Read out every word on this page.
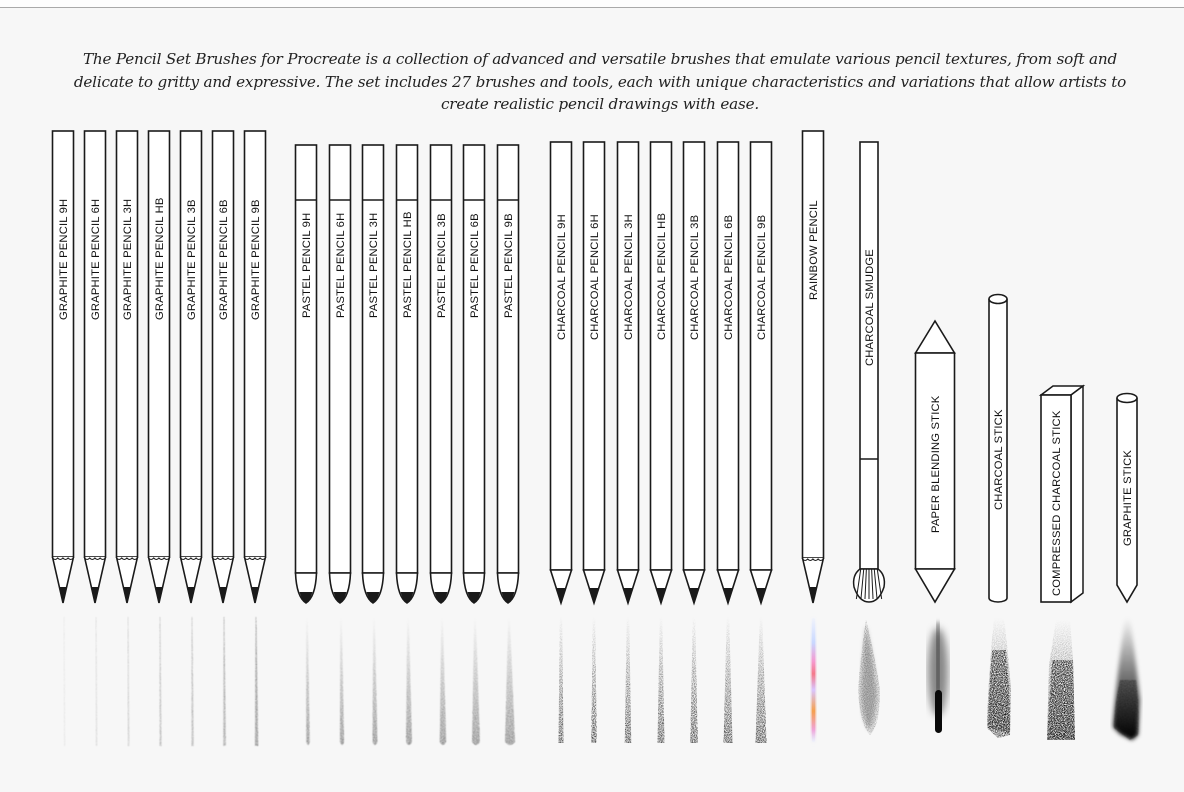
The Pencil Set Brushes for Procreate is a collection of advanced and versatile brushes that emulate various pencil textures, from soft and delicate to gritty and expressive. The set includes 27 brushes and tools, each with unique characteristics and variations that allow artists to create realistic pencil drawings with ease.

GRAPHITE PENCIL 9H GRAPHITE PENCIL 6H GRAPHITE PENCIL 3H GRAPHITE PENCIL HB GRAPHITE PENCIL 3B GRAPHITE PENCIL 6B GRAPHITE PENCIL 9B	PASTEL PENCIL 9H PASTEL PENCIL 6H PASTEL PENCIL 3H PASTEL PENCIL HB PASTEL PENCIL 3B PASTEL PENCIL 6B PASTEL PENCIL 9B	CHARCOAL PENCIL 9H CHARCOAL PENCIL 6H CHARCOAL PENCIL 3H CHARCOAL PENCIL HB CHARCOAL PENCIL 3B CHARCOAL PENCIL 6B CHARCOAL PENCIL 9B	RAINBOW PENCIL	CHARCOAL SMUDGE
PAPER BLENDING STICK	CHARCOAL STICK	COMPRESSED CHARCOAL STICK	GRAPHITE STICK
